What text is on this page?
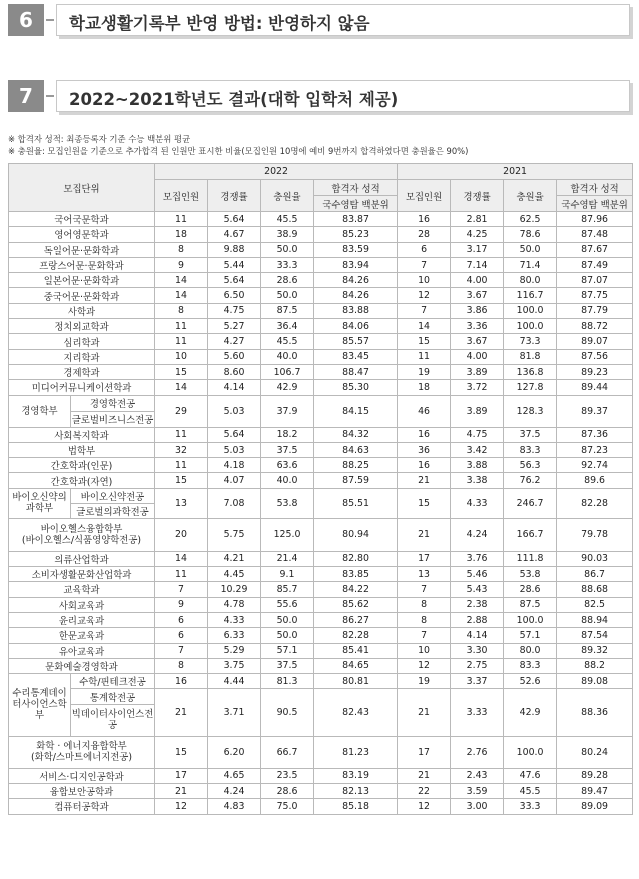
6	학교생활기록부 반영 방법: 반영하지 않음
7	2022~2021학년도 결과(대학 입학처 제공)
※ 합격자 성적: 최종등록자 기준 수능 백분위 평균
※ 충원율: 모집인원을 기준으로 추가합격 된 인원만 표시한 비율(모집인원 10명에 예비 9번까지 합격하였다면 충원율은 90%)
모집단위		2022				2021			
		모집인원	경쟁률	충원율	합격자 성적	모집인원	경쟁률	충원율	합격자 성적
					국수영탐 백분위				국수영탐 백분위
국어국문학과		11	5.64	45.5	83.87	16	2.81	62.5	87.96
영어영문학과		18	4.67	38.9	85.23	28	4.25	78.6	87.48
독일어문·문화학과		8	9.88	50.0	83.59	6	3.17	50.0	87.67
프랑스어문·문화학과		9	5.44	33.3	83.94	7	7.14	71.4	87.49
일본어문·문화학과		14	5.64	28.6	84.26	10	4.00	80.0	87.07
중국어문·문화학과		14	6.50	50.0	84.26	12	3.67	116.7	87.75
사학과		8	4.75	87.5	83.88	7	3.86	100.0	87.79
정치외교학과		11	5.27	36.4	84.06	14	3.36	100.0	88.72
심리학과		11	4.27	45.5	85.57	15	3.67	73.3	89.07
지리학과		10	5.60	40.0	83.45	11	4.00	81.8	87.56
경제학과		15	8.60	106.7	88.47	19	3.89	136.8	89.23
미디어커뮤니케이션학과		14	4.14	42.9	85.30	18	3.72	127.8	89.44
경영학부	경영학전공	29	5.03	37.9	84.15	46	3.89	128.3	89.37
	글로벌비즈니스전공								
사회복지학과		11	5.64	18.2	84.32	16	4.75	37.5	87.36
법학부		32	5.03	37.5	84.63	36	3.42	83.3	87.23
간호학과(인문)		11	4.18	63.6	88.25	16	3.88	56.3	92.74
간호학과(자연)		15	4.07	40.0	87.59	21	3.38	76.2	89.6
바이오신약의과학부	바이오신약전공	13	7.08	53.8	85.51	15	4.33	246.7	82.28
	글로벌의과학전공								

바이오헬스융합학부
(바이오헬스/식품영양학전공)		20	5.75	125.0	80.94	21	4.24	166.7	79.78
의류산업학과		14	4.21	21.4	82.80	17	3.76	111.8	90.03
소비자생활문화산업학과		11	4.45	9.1	83.85	13	5.46	53.8	86.7
교육학과		7	10.29	85.7	84.22	7	5.43	28.6	88.68
사회교육과		9	4.78	55.6	85.62	8	2.38	87.5	82.5
윤리교육과		6	4.33	50.0	86.27	8	2.88	100.0	88.94
한문교육과		6	6.33	50.0	82.28	7	4.14	57.1	87.54
유아교육과		7	5.29	57.1	85.41	10	3.30	80.0	89.32
문화예술경영학과		8	3.75	37.5	84.65	12	2.75	83.3	88.2
수리통계데이터사이언스학부	수학/핀테크전공	16	4.44	81.3	80.81	19	3.37	52.6	89.08
	통계학전공	21	3.71	90.5	82.43	21	3.33	42.9	88.36
	빅데이터사이언스전공								

화학 · 에너지융합학부
(화학/스마트에너지전공)		15	6.20	66.7	81.23	17	2.76	100.0	80.24
서비스·디지인공학과		17	4.65	23.5	83.19	21	2.43	47.6	89.28
융합보안공학과		21	4.24	28.6	82.13	22	3.59	45.5	89.47
컴퓨터공학과		12	4.83	75.0	85.18	12	3.00	33.3	89.09
